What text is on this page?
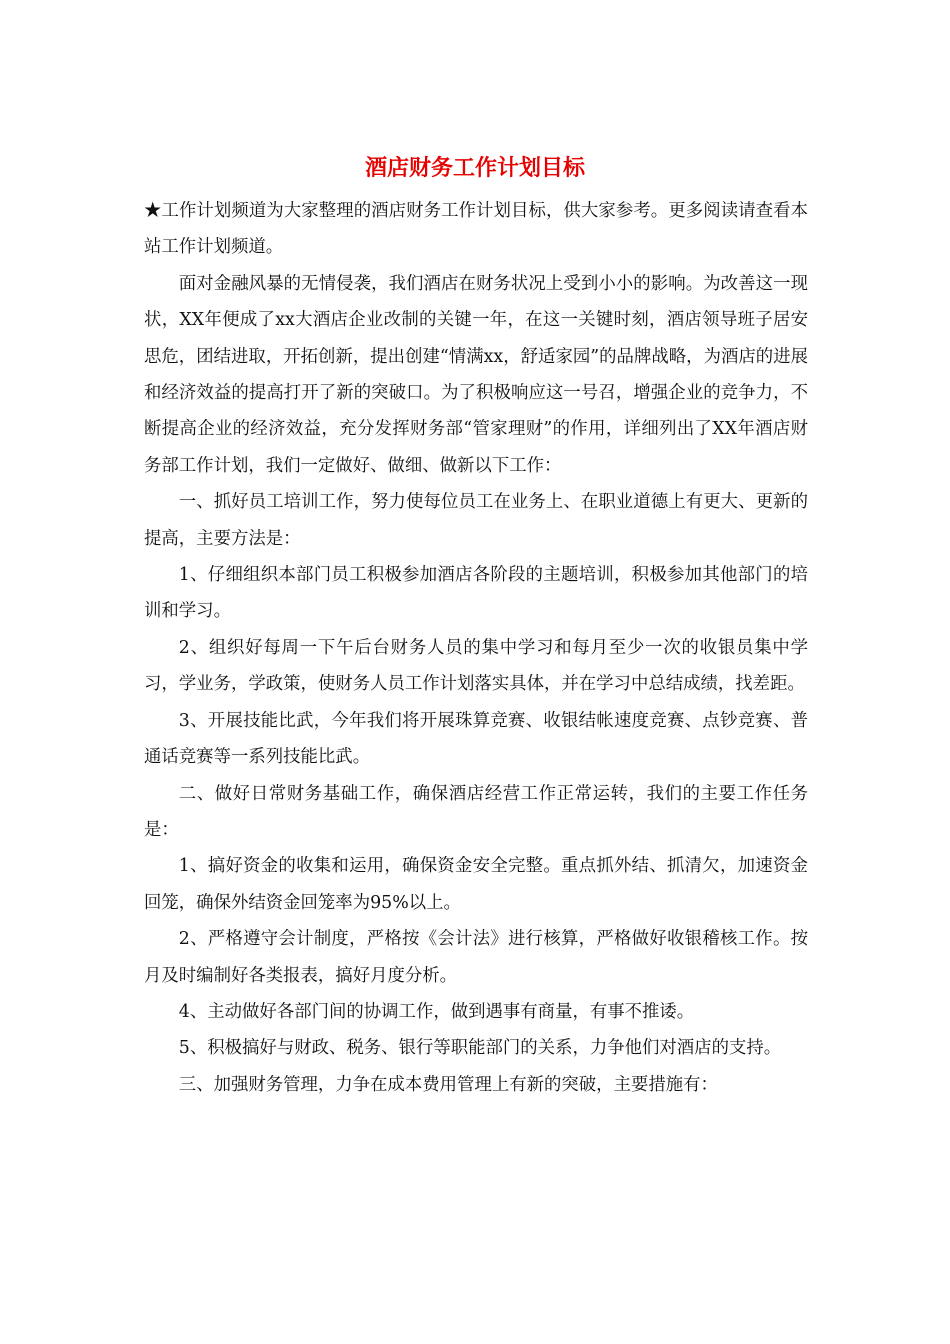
酒店财务工作计划目标

★工作计划频道为大家整理的酒店财务工作计划目标，供大家参考。更多阅读请查看本站工作计划频道。

面对金融风暴的无情侵袭，我们酒店在财务状况上受到小小的影响。为改善这一现状，XX年便成了xx大酒店企业改制的关键一年，在这一关键时刻，酒店领导班子居安思危，团结进取，开拓创新，提出创建“情满xx，舒适家园”的品牌战略，为酒店的进展和经济效益的提高打开了新的突破口。为了积极响应这一号召，增强企业的竞争力，不断提高企业的经济效益，充分发挥财务部“管家理财”的作用，详细列出了XX年酒店财务部工作计划，我们一定做好、做细、做新以下工作：

一、抓好员工培训工作，努力使每位员工在业务上、在职业道德上有更大、更新的提高，主要方法是：

1、仔细组织本部门员工积极参加酒店各阶段的主题培训，积极参加其他部门的培训和学习。

2、组织好每周一下午后台财务人员的集中学习和每月至少一次的收银员集中学习，学业务，学政策，使财务人员工作计划落实具体，并在学习中总结成绩，找差距。

3、开展技能比武，今年我们将开展珠算竞赛、收银结帐速度竞赛、点钞竞赛、普通话竞赛等一系列技能比武。

二、做好日常财务基础工作，确保酒店经营工作正常运转，我们的主要工作任务是：

1、搞好资金的收集和运用，确保资金安全完整。重点抓外结、抓清欠，加速资金回笼，确保外结资金回笼率为95%以上。

2、严格遵守会计制度，严格按《会计法》进行核算，严格做好收银稽核工作。按月及时编制好各类报表，搞好月度分析。

4、主动做好各部门间的协调工作，做到遇事有商量，有事不推诿。

5、积极搞好与财政、税务、银行等职能部门的关系，力争他们对酒店的支持。

三、加强财务管理，力争在成本费用管理上有新的突破，主要措施有：
